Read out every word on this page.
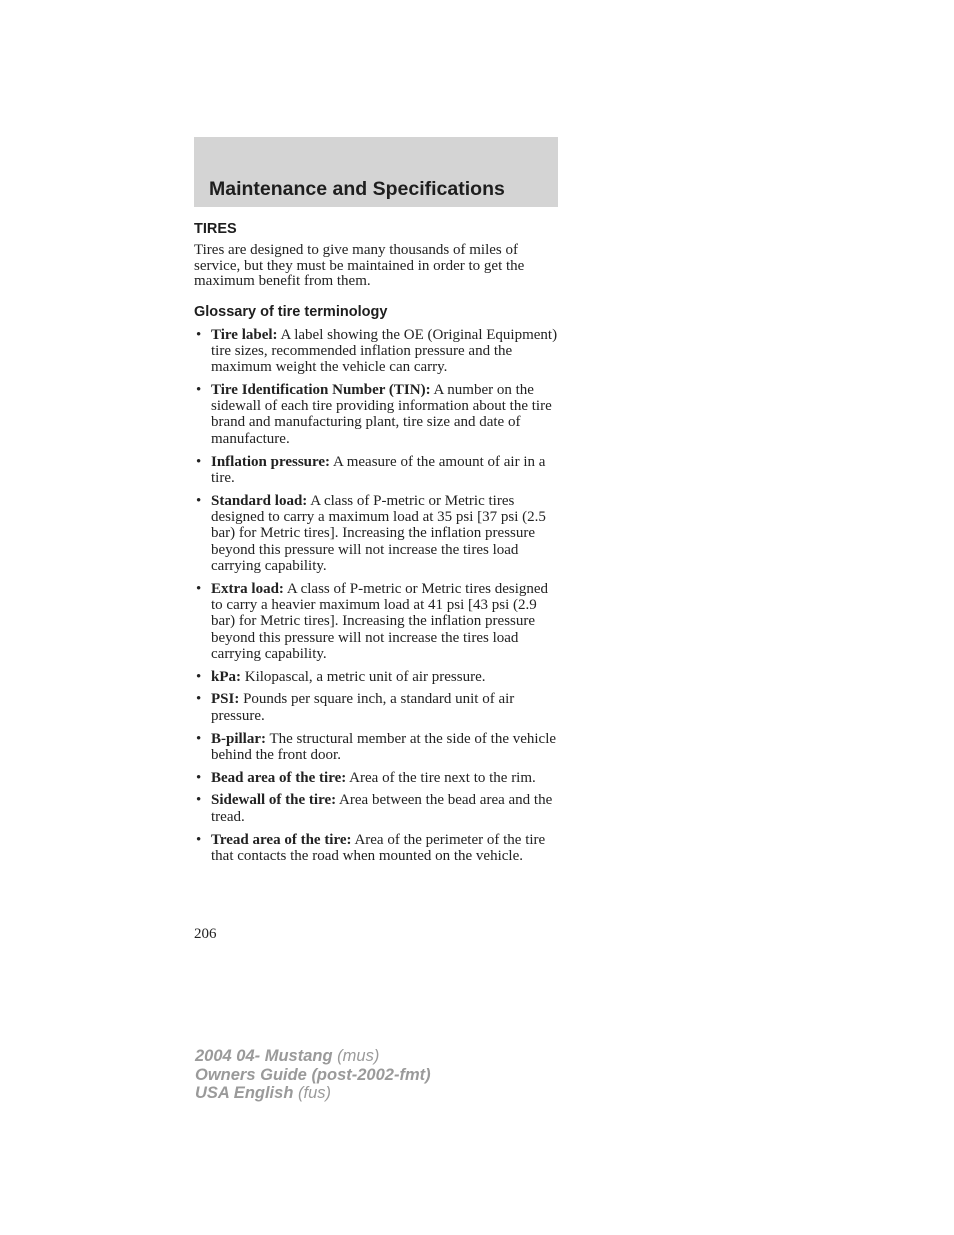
Maintenance and Specifications
TIRES

Tires are designed to give many thousands of miles of service, but they must be maintained in order to get the maximum benefit from them.

Glossary of tire terminology
• Tire label: A label showing the OE (Original Equipment) tire sizes, recommended inflation pressure and the maximum weight the vehicle can carry.
• Tire Identification Number (TIN): A number on the sidewall of each tire providing information about the tire brand and manufacturing plant, tire size and date of manufacture.
• Inflation pressure: A measure of the amount of air in a tire.
• Standard load: A class of P-metric or Metric tires designed to carry a maximum load at 35 psi [37 psi (2.5 bar) for Metric tires]. Increasing the inflation pressure beyond this pressure will not increase the tires load carrying capability.
• Extra load: A class of P-metric or Metric tires designed to carry a heavier maximum load at 41 psi [43 psi (2.9 bar) for Metric tires]. Increasing the inflation pressure beyond this pressure will not increase the tires load carrying capability.
• kPa: Kilopascal, a metric unit of air pressure.
• PSI: Pounds per square inch, a standard unit of air pressure.
• B-pillar: The structural member at the side of the vehicle behind the front door.
• Bead area of the tire: Area of the tire next to the rim.
• Sidewall of the tire: Area between the bead area and the tread.
• Tread area of the tire: Area of the perimeter of the tire that contacts the road when mounted on the vehicle.
206
2004 04- Mustang (mus)
Owners Guide (post-2002-fmt)
USA English (fus)
